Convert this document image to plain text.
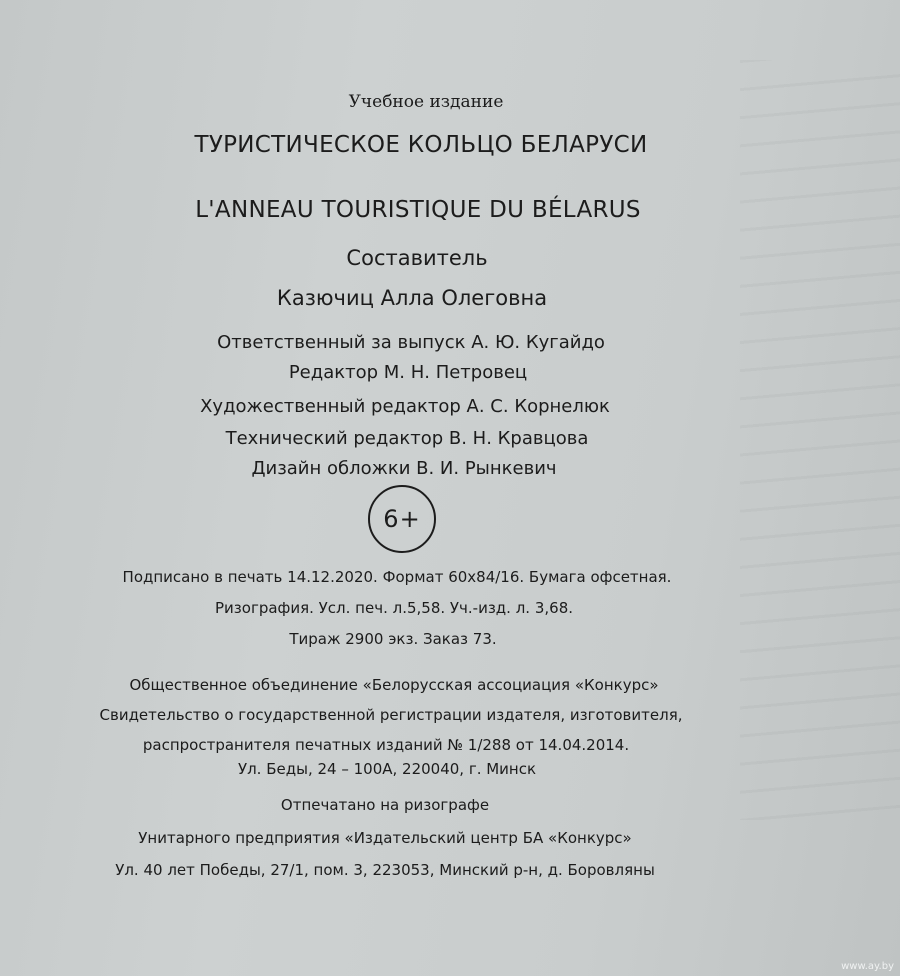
Учебное издание

ТУРИСТИЧЕСКОЕ КОЛЬЦО БЕЛАРУСИ

L'ANNEAU TOURISTIQUE DU BÉLARUS

Составитель

Казючиц Алла Олеговна

Ответственный за выпуск А. Ю. Кугайдо

Редактор М. Н. Петровец

Художественный редактор А. С. Корнелюк

Технический редактор В. Н. Кравцова

Дизайн обложки В. И. Рынкевич

6+

Подписано в печать 14.12.2020. Формат 60х84/16. Бумага офсетная.

Ризография. Усл. печ. л.5,58. Уч.-изд. л. 3,68.

Тираж 2900 экз. Заказ 73.

Общественное объединение «Белорусская ассоциация «Конкурс»

Свидетельство о государственной регистрации издателя, изготовителя,

распространителя печатных изданий № 1/288 от 14.04.2014.

Ул. Беды, 24 – 100А, 220040, г. Минск

Отпечатано на ризографе

Унитарного предприятия «Издательский центр БА «Конкурс»

Ул. 40 лет Победы, 27/1, пом. 3, 223053, Минский р-н, д. Боровляны

www.ay.by
